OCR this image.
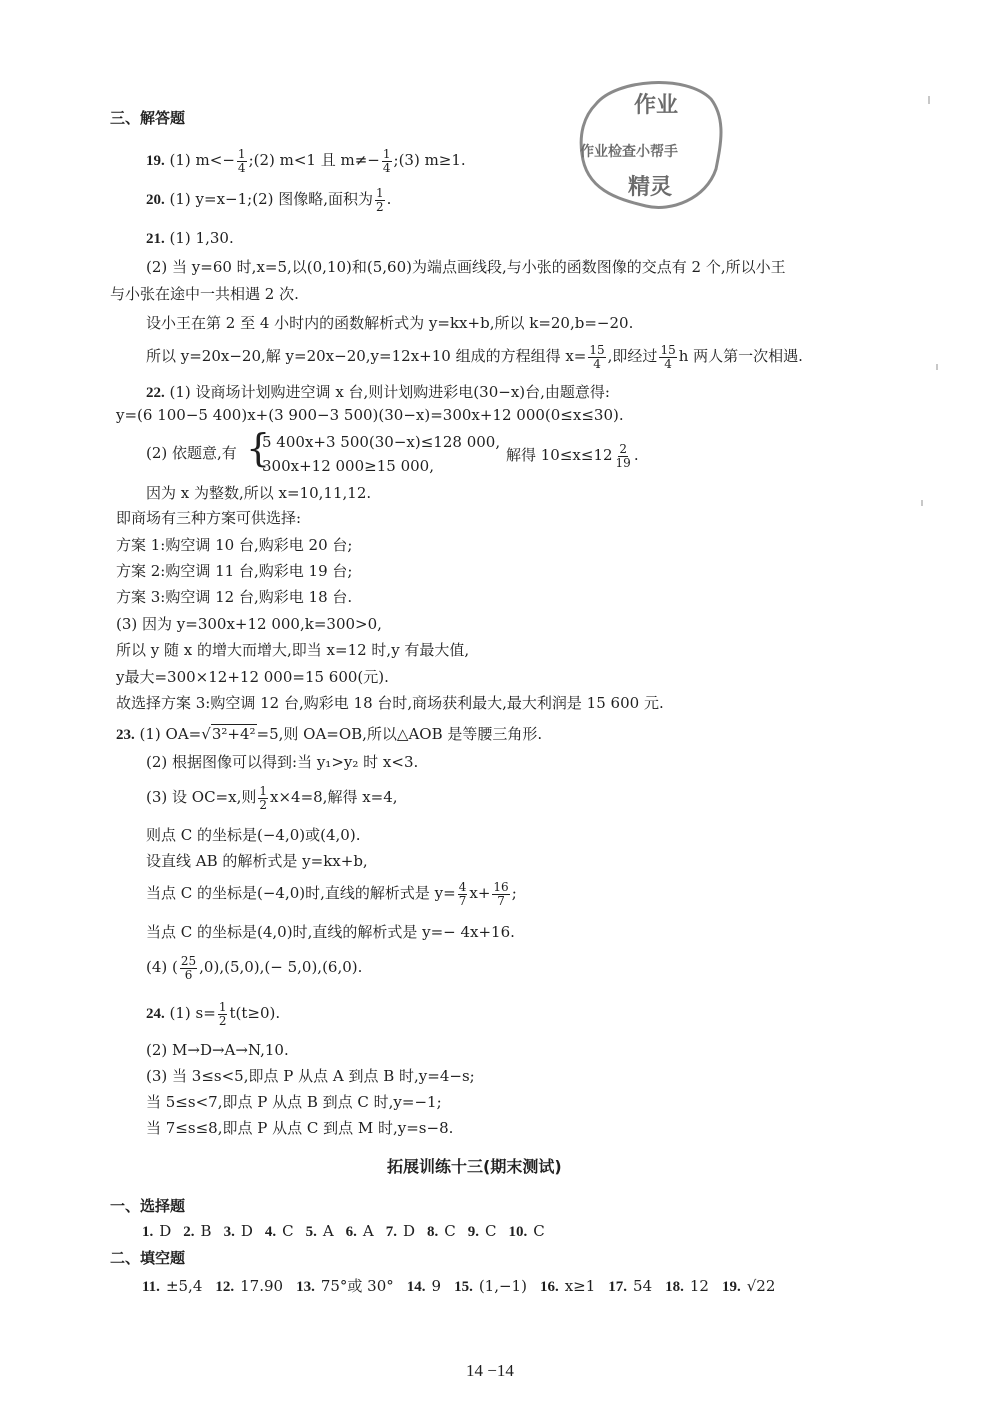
作业
作业检查小帮手
精灵
三、解答题
19. (1) $m<- \frac{1}{4}$ ;(2) m<1 且 $m\ne- \frac{1}{4}$ ;(3) m≥1.
20. (1) y=x−1;(2) 图像略,面积为 $\frac{1}{2}$ .
21. (1) 1,30.
(2) 当 y=60 时,x=5,以(0,10)和(5,60)为端点画线段,与小张的函数图像的交点有 2 个,所以小王
与小张在途中一共相遇 2 次.
设小王在第 2 至 4 小时内的函数解析式为 y=kx+b,所以 k=20,b=−20.
所以 y=20x−20,解 y=20x−20,y=12x+10 组成的方程组得 $x= \frac{15}{4}$ ,即经过 $\frac{15}{4}$ h 两人第一次相遇.
22. (1) 设商场计划购进空调 x 台,则计划购进彩电(30−x)台,由题意得:
y=(6 100−5 400)x+(3 900−3 500)(30−x)=300x+12 000(0≤x≤30).
(2) 依题意,有 {
5 400x+3 500(30−x)≤128 000,
300x+12 000≥15 000,
解得 $10\le x\le 12 \frac{2}{19}$ .
因为 x 为整数,所以 x=10,11,12.
即商场有三种方案可供选择:
方案 1:购空调 10 台,购彩电 20 台;
方案 2:购空调 11 台,购彩电 19 台;
方案 3:购空调 12 台,购彩电 18 台.
(3) 因为 y=300x+12 000,k=300>0,
所以 y 随 x 的增大而增大,即当 x=12 时,y 有最大值,
y最大=300×12+12 000=15 600(元).
故选择方案 3:购空调 12 台,购彩电 18 台时,商场获利最大,最大利润是 15 600 元.
23. (1) OA=√3²+4²=5,则 OA=OB,所以△AOB 是等腰三角形.
(2) 根据图像可以得到:当 y₁>y₂ 时 x<3.
(3) 设 OC=x,则 $\frac{1}{2} x\times 4=8$,解得 x=4,
则点 C 的坐标是(−4,0)或(4,0).
设直线 AB 的解析式是 y=kx+b,
当点 C 的坐标是(−4,0)时,直线的解析式是 $y= \frac{4}{7} x+ \frac{16}{7}$ ;
当点 C 的坐标是(4,0)时,直线的解析式是 y=− 4x+16.
(4) ( $\frac{25}{6} ,0),(5,0),(- 5,0),(6,0)$.
24. (1) $s= \frac{1}{2} t(t\ge 0)$.
(2) M→D→A→N,10.
(3) 当 3≤s<5,即点 P 从点 A 到点 B 时,y=4−s;
当 5≤s<7,即点 P 从点 B 到点 C 时,y=−1;
当 7≤s≤8,即点 P 从点 C 到点 M 时,y=s−8.
拓展训练十三(期末测试)
一、选择题
1. D 2. B 3. D 4. C 5. A 6. A 7. D 8. C 9. C 10. C
二、填空题
11. ±5,4 12. 17.90 13. 75°或 30° 14. 9 15. (1,−1) 16. x≥1 17. 54 18. 12 19. √22
14 −14
